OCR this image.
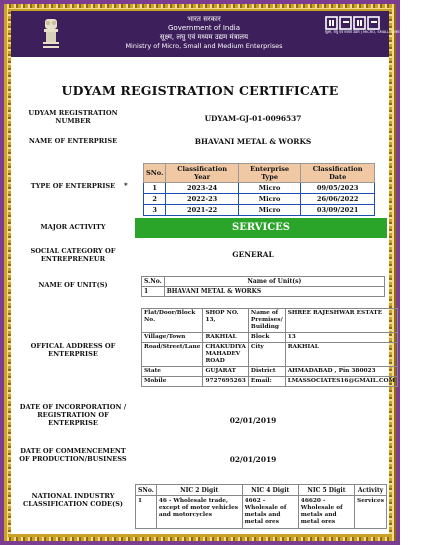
भारत सरकार
Government of India
सूक्ष्म, लघु एवं मध्यम उद्यम मंत्रालय
Ministry of Micro, Small and Medium Enterprises
सूक्ष्म, लघु एवं मध्यम उद्यम | MICRO, SMALL & MEDIUM ENTERPRISES
UDYAM REGISTRATION CERTIFICATE
UDYAM REGISTRATION NUMBER	UDYAM-GJ-01-0096537
NAME OF ENTERPRISE	BHAVANI METAL & WORKS
TYPE OF ENTERPRISE	*
SNo.	Classification Year	Enterprise Type	Classification Date
1	2023-24	Micro	09/05/2023
2	2022-23	Micro	26/06/2022
3	2021-22	Micro	03/09/2021
MAJOR ACTIVITY	SERVICES
SOCIAL CATEGORY OF ENTREPRENEUR	GENERAL
NAME OF UNIT(S)	S.No.	Name of Unit(s)
1	BHAVANI METAL & WORKS
OFFICAL ADDRESS OF ENTERPRISE
Flat/Door/Block No.	SHOP NO. 13,	Name of Premises/ Building	SHREE RAJESHWAR ESTATE
Village/Town	RAKHIAL	Block	13
Road/Street/Lane	CHAKUDIYA MAHADEV ROAD	City	RAKHIAL
State	GUJARAT	District	AHMADABAD , Pin 380023
Mobile	9727695263	Email:	LMASSOCIATES16@GMAIL.COM
DATE OF INCORPORATION / REGISTRATION OF ENTERPRISE	02/01/2019
DATE OF COMMENCEMENT OF PRODUCTION/BUSINESS	02/01/2019
NATIONAL INDUSTRY CLASSIFICATION CODE(S)
SNo.	NIC 2 Digit	NIC 4 Digit	NIC 5 Digit	Activity
1	46 - Wholesale trade, except of motor vehicles and motorcycles	4662 - Wholesale of metals and metal ores	46620 - Wholesale of metals and metal ores	Services
